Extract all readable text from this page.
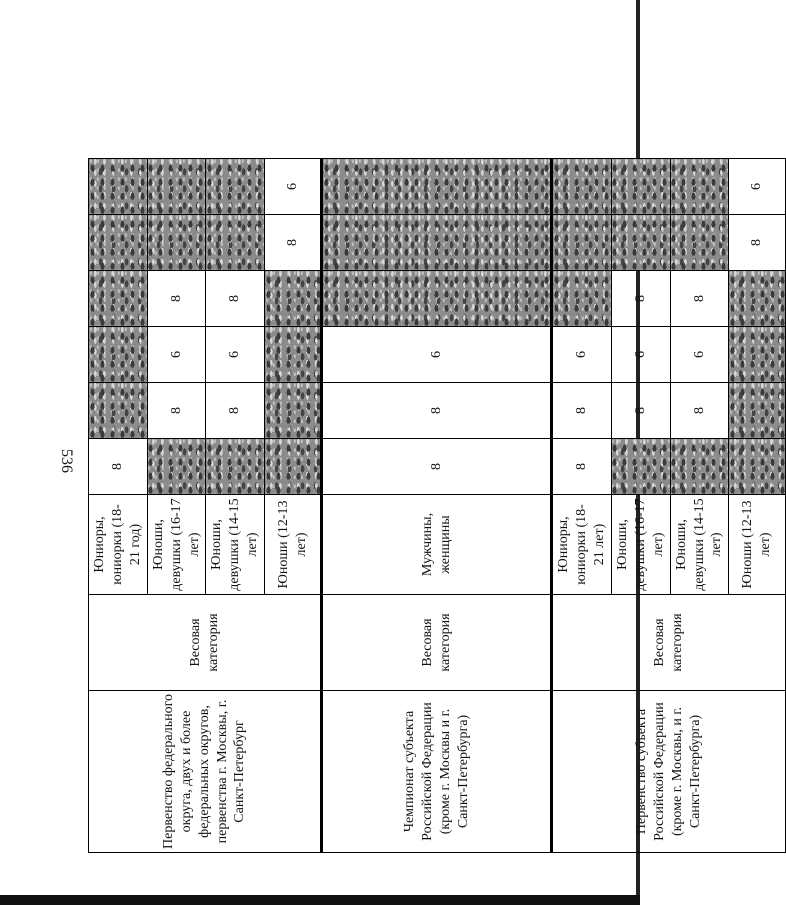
536
Первенство федерального округа, двух и более федеральных округов, первенства г. Москвы, г. Санкт-Петербург	Весовая категория	Юниоры, юниорки (18-21 год)	8					
		Юноши, девушки (16-17 лет)		8	6	8		
		Юноши, девушки (14-15 лет)		8	6	8		
		Юноши (12-13 лет)					8	6
Чемпионат субъекта Российской Федерации (кроме г. Москвы и г. Санкт-Петербурга)	Весовая категория	Мужчины, женщины	8	8	6			
Первенство субъекта Российской Федерации (кроме г. Москвы, и г. Санкт-Петербурга)	Весовая категория	Юниоры, юниорки (18-21 лет)	8	8	6			
		Юноши, девушки (16-17 лет)		8	6	8		
		Юноши, девушки (14-15 лет)		8	6	8		
		Юноши (12-13 лет)					8	6
